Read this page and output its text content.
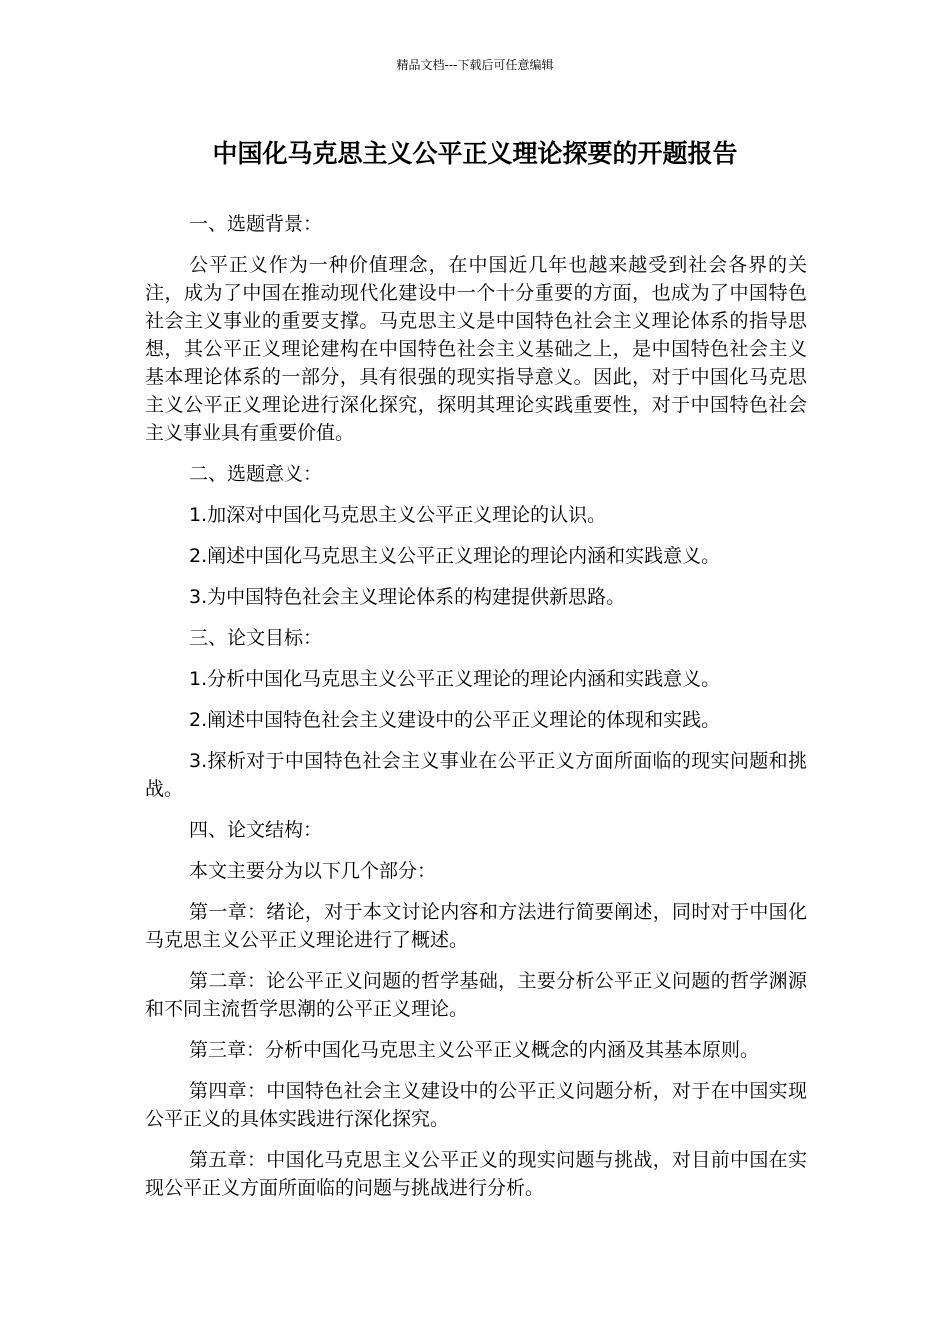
精品文档---下载后可任意编辑
中国化马克思主义公平正义理论探要的开题报告

一、选题背景：

公平正义作为一种价值理念，在中国近几年也越来越受到社会各界的关注，成为了中国在推动现代化建设中一个十分重要的方面，也成为了中国特色社会主义事业的重要支撑。马克思主义是中国特色社会主义理论体系的指导思想，其公平正义理论建构在中国特色社会主义基础之上，是中国特色社会主义基本理论体系的一部分，具有很强的现实指导意义。因此，对于中国化马克思主义公平正义理论进行深化探究，探明其理论实践重要性，对于中国特色社会主义事业具有重要价值。

二、选题意义：

1.加深对中国化马克思主义公平正义理论的认识。

2.阐述中国化马克思主义公平正义理论的理论内涵和实践意义。

3.为中国特色社会主义理论体系的构建提供新思路。

三、论文目标：

1.分析中国化马克思主义公平正义理论的理论内涵和实践意义。

2.阐述中国特色社会主义建设中的公平正义理论的体现和实践。

3.探析对于中国特色社会主义事业在公平正义方面所面临的现实问题和挑战。

四、论文结构：

本文主要分为以下几个部分：

第一章：绪论，对于本文讨论内容和方法进行简要阐述，同时对于中国化马克思主义公平正义理论进行了概述。

第二章：论公平正义问题的哲学基础，主要分析公平正义问题的哲学渊源和不同主流哲学思潮的公平正义理论。

第三章：分析中国化马克思主义公平正义概念的内涵及其基本原则。

第四章：中国特色社会主义建设中的公平正义问题分析，对于在中国实现公平正义的具体实践进行深化探究。

第五章：中国化马克思主义公平正义的现实问题与挑战，对目前中国在实现公平正义方面所面临的问题与挑战进行分析。
